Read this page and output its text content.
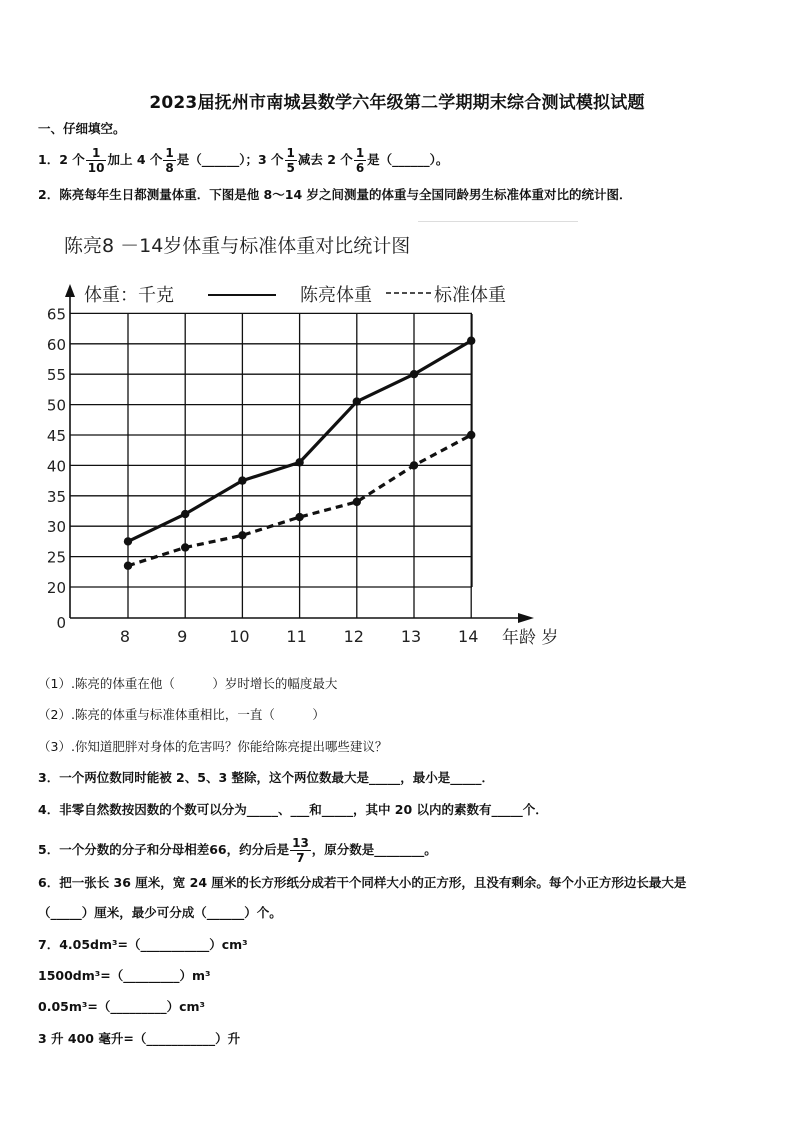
2023届抚州市南城县数学六年级第二学期期末综合测试模拟试题
一、仔细填空。
1．2 个 $\frac{1}{10}$ 加上 4 个 $\frac{1}{8}$ 是（______）；3 个 $\frac{1}{5}$ 减去 2 个 $\frac{1}{6}$ 是（______）。
2．陈亮每年生日都测量体重．下图是他 8～14 岁之间测量的体重与全国同龄男生标准体重对比的统计图．
陈亮8 －14岁体重与标准体重对比统计图
体重：千克	陈亮体重	标准体重
65
60
55
50
45
40
35
30
25
20
0
8	9	10 11 12 13 14 年龄 岁
（1）.陈亮的体重在他（　　　）岁时增长的幅度最大
（2）.陈亮的体重与标准体重相比，一直（　　　）
（3）.你知道肥胖对身体的危害吗？你能给陈亮提出哪些建议？
3．一个两位数同时能被 2、5、3 整除，这个两位数最大是_____，最小是_____．
4．非零自然数按因数的个数可以分为_____、___和_____，其中 20 以内的素数有_____个．
5．一个分数的分子和分母相差66，约分后是 $\frac{13}{7}$ ，原分数是________。
6．把一张长 36 厘米，宽 24 厘米的长方形纸分成若干个同样大小的正方形，且没有剩余。每个小正方形边长最大是
（_____）厘米，最少可分成（______）个。
7．4.05dm³=（___________）cm³
1500dm³=（_________）m³
0.05m³=（_________）cm³
3 升 400 毫升=（___________）升
